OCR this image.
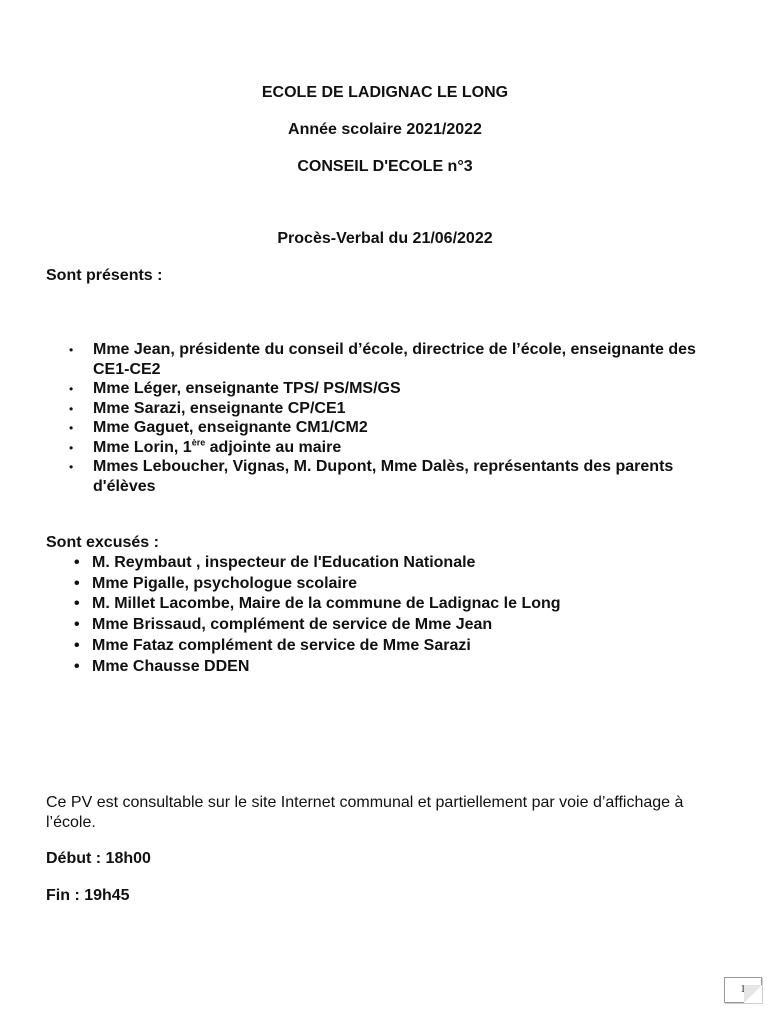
ECOLE DE LADIGNAC LE LONG
Année scolaire 2021/2022
CONSEIL D'ECOLE n°3
Procès-Verbal du 21/06/2022
Sont présents :
• Mme Jean, présidente du conseil d’école, directrice de l’école, enseignante des CE1-CE2
• Mme Léger, enseignante TPS/ PS/MS/GS
• Mme Sarazi, enseignante CP/CE1
• Mme Gaguet, enseignante CM1/CM2
• Mme Lorin, 1ère adjointe au maire
• Mmes Leboucher, Vignas, M. Dupont, Mme Dalès, représentants des parents d'élèves
Sont excusés :
• M. Reymbaut , inspecteur de l'Education Nationale
• Mme Pigalle, psychologue scolaire
• M. Millet Lacombe, Maire de la commune de Ladignac le Long
• Mme Brissaud, complément de service de Mme Jean
• Mme Fataz complément de service de Mme Sarazi
• Mme Chausse DDEN
Ce PV est consultable sur le site Internet communal et partiellement par voie d’affichage à l’école.
Début : 18h00
Fin : 19h45
1
